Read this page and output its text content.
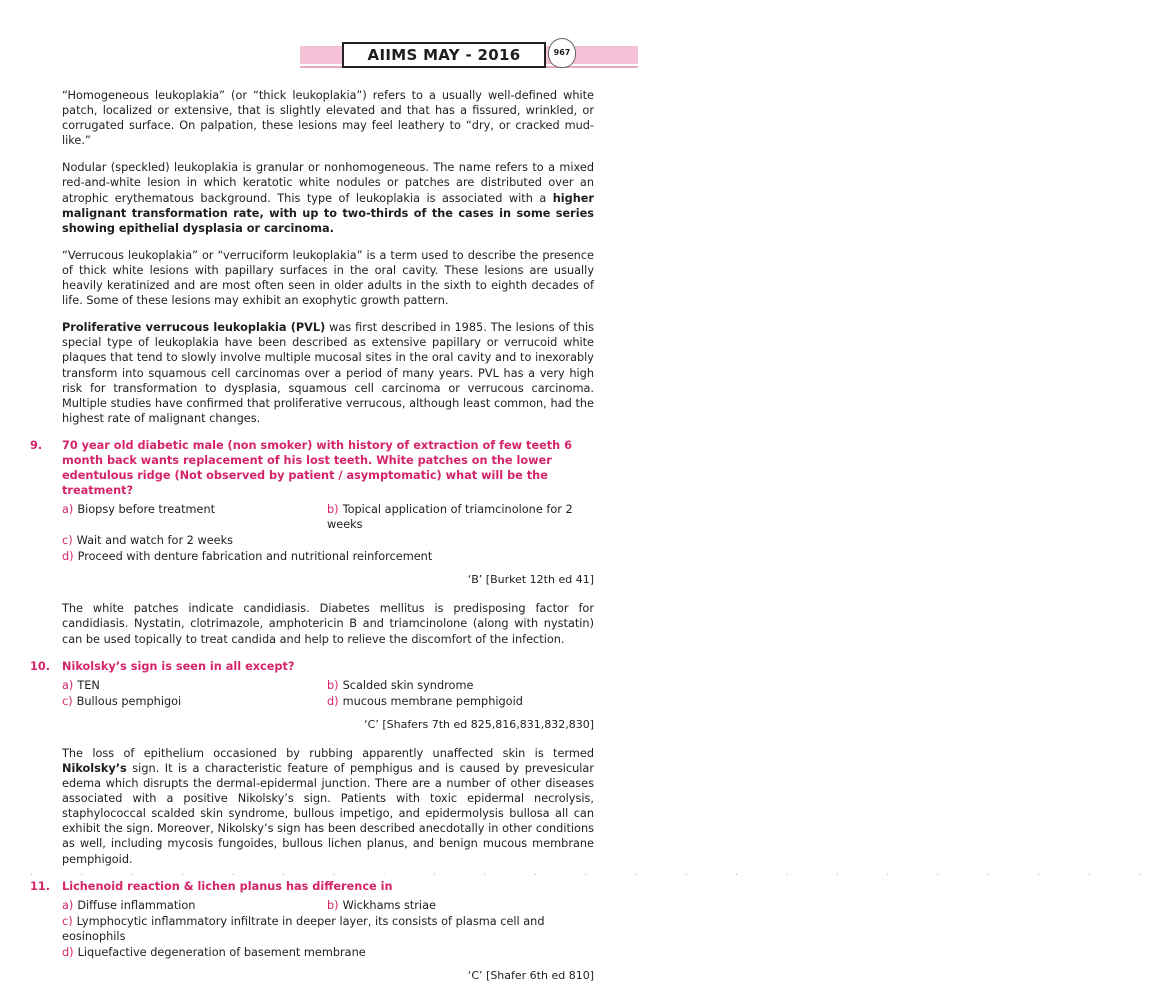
AIIMS MAY - 2016	967

“Homogeneous leukoplakia” (or “thick leukoplakia”) refers to a usually well-defined white patch, localized or extensive, that is slightly elevated and that has a fissured, wrinkled, or corrugated surface. On palpation, these lesions may feel leathery to “dry, or cracked mud-like.”

Nodular (speckled) leukoplakia is granular or nonhomogeneous. The name refers to a mixed red-and-white lesion in which keratotic white nodules or patches are distributed over an atrophic erythematous background. This type of leukoplakia is associated with a higher malignant transformation rate, with up to two-thirds of the cases in some series showing epithelial dysplasia or carcinoma.

“Verrucous leukoplakia” or “verruciform leukoplakia” is a term used to describe the presence of thick white lesions with papillary surfaces in the oral cavity. These lesions are usually heavily keratinized and are most often seen in older adults in the sixth to eighth decades of life. Some of these lesions may exhibit an exophytic growth pattern.

Proliferative verrucous leukoplakia (PVL) was first described in 1985. The lesions of this special type of leukoplakia have been described as extensive papillary or verrucoid white plaques that tend to slowly involve multiple mucosal sites in the oral cavity and to inexorably transform into squamous cell carcinomas over a period of many years. PVL has a very high risk for transformation to dysplasia, squamous cell carcinoma or verrucous carcinoma. Multiple studies have confirmed that proliferative verrucous, although least common, had the highest rate of malignant changes.

9. 70 year old diabetic male (non smoker) with history of extraction of few teeth 6 month back wants replacement of his lost teeth. White patches on the lower edentulous ridge (Not observed by patient / asymptomatic) what will be the treatment?
a) Biopsy before treatment	b) Topical application of triamcinolone for 2 weeks
c) Wait and watch for 2 weeks
d) Proceed with denture fabrication and nutritional reinforcement
‘B’ [Burket 12th ed 41]

The white patches indicate candidiasis. Diabetes mellitus is predisposing factor for candidiasis. Nystatin, clotrimazole, amphotericin B and triamcinolone (along with nystatin) can be used topically to treat candida and help to relieve the discomfort of the infection.

10. Nikolsky’s sign is seen in all except?
a) TEN	b) Scalded skin syndrome
c) Bullous pemphigoi	d) mucous membrane pemphigoid
‘C’ [Shafers 7th ed 825,816,831,832,830]

The loss of epithelium occasioned by rubbing apparently unaffected skin is termed Nikolsky’s sign. It is a characteristic feature of pemphigus and is caused by prevesicular edema which disrupts the dermal-epidermal junction. There are a number of other diseases associated with a positive Nikolsky’s sign. Patients with toxic epidermal necrolysis, staphylococcal scalded skin syndrome, bullous impetigo, and epidermolysis bullosa all can exhibit the sign. Moreover, Nikolsky’s sign has been described anecdotally in other conditions as well, including mycosis fungoides, bullous lichen planus, and benign mucous membrane pemphigoid.

11. Lichenoid reaction & lichen planus has difference in
a) Diffuse inflammation	b) Wickhams striae
c) Lymphocytic inflammatory infiltrate in deeper layer, its consists of plasma cell and eosinophils
d) Liquefactive degeneration of basement membrane
‘C’ [Shafer 6th ed 810]
· · · · · · · · · · · · · · · · · · · · · · ·
